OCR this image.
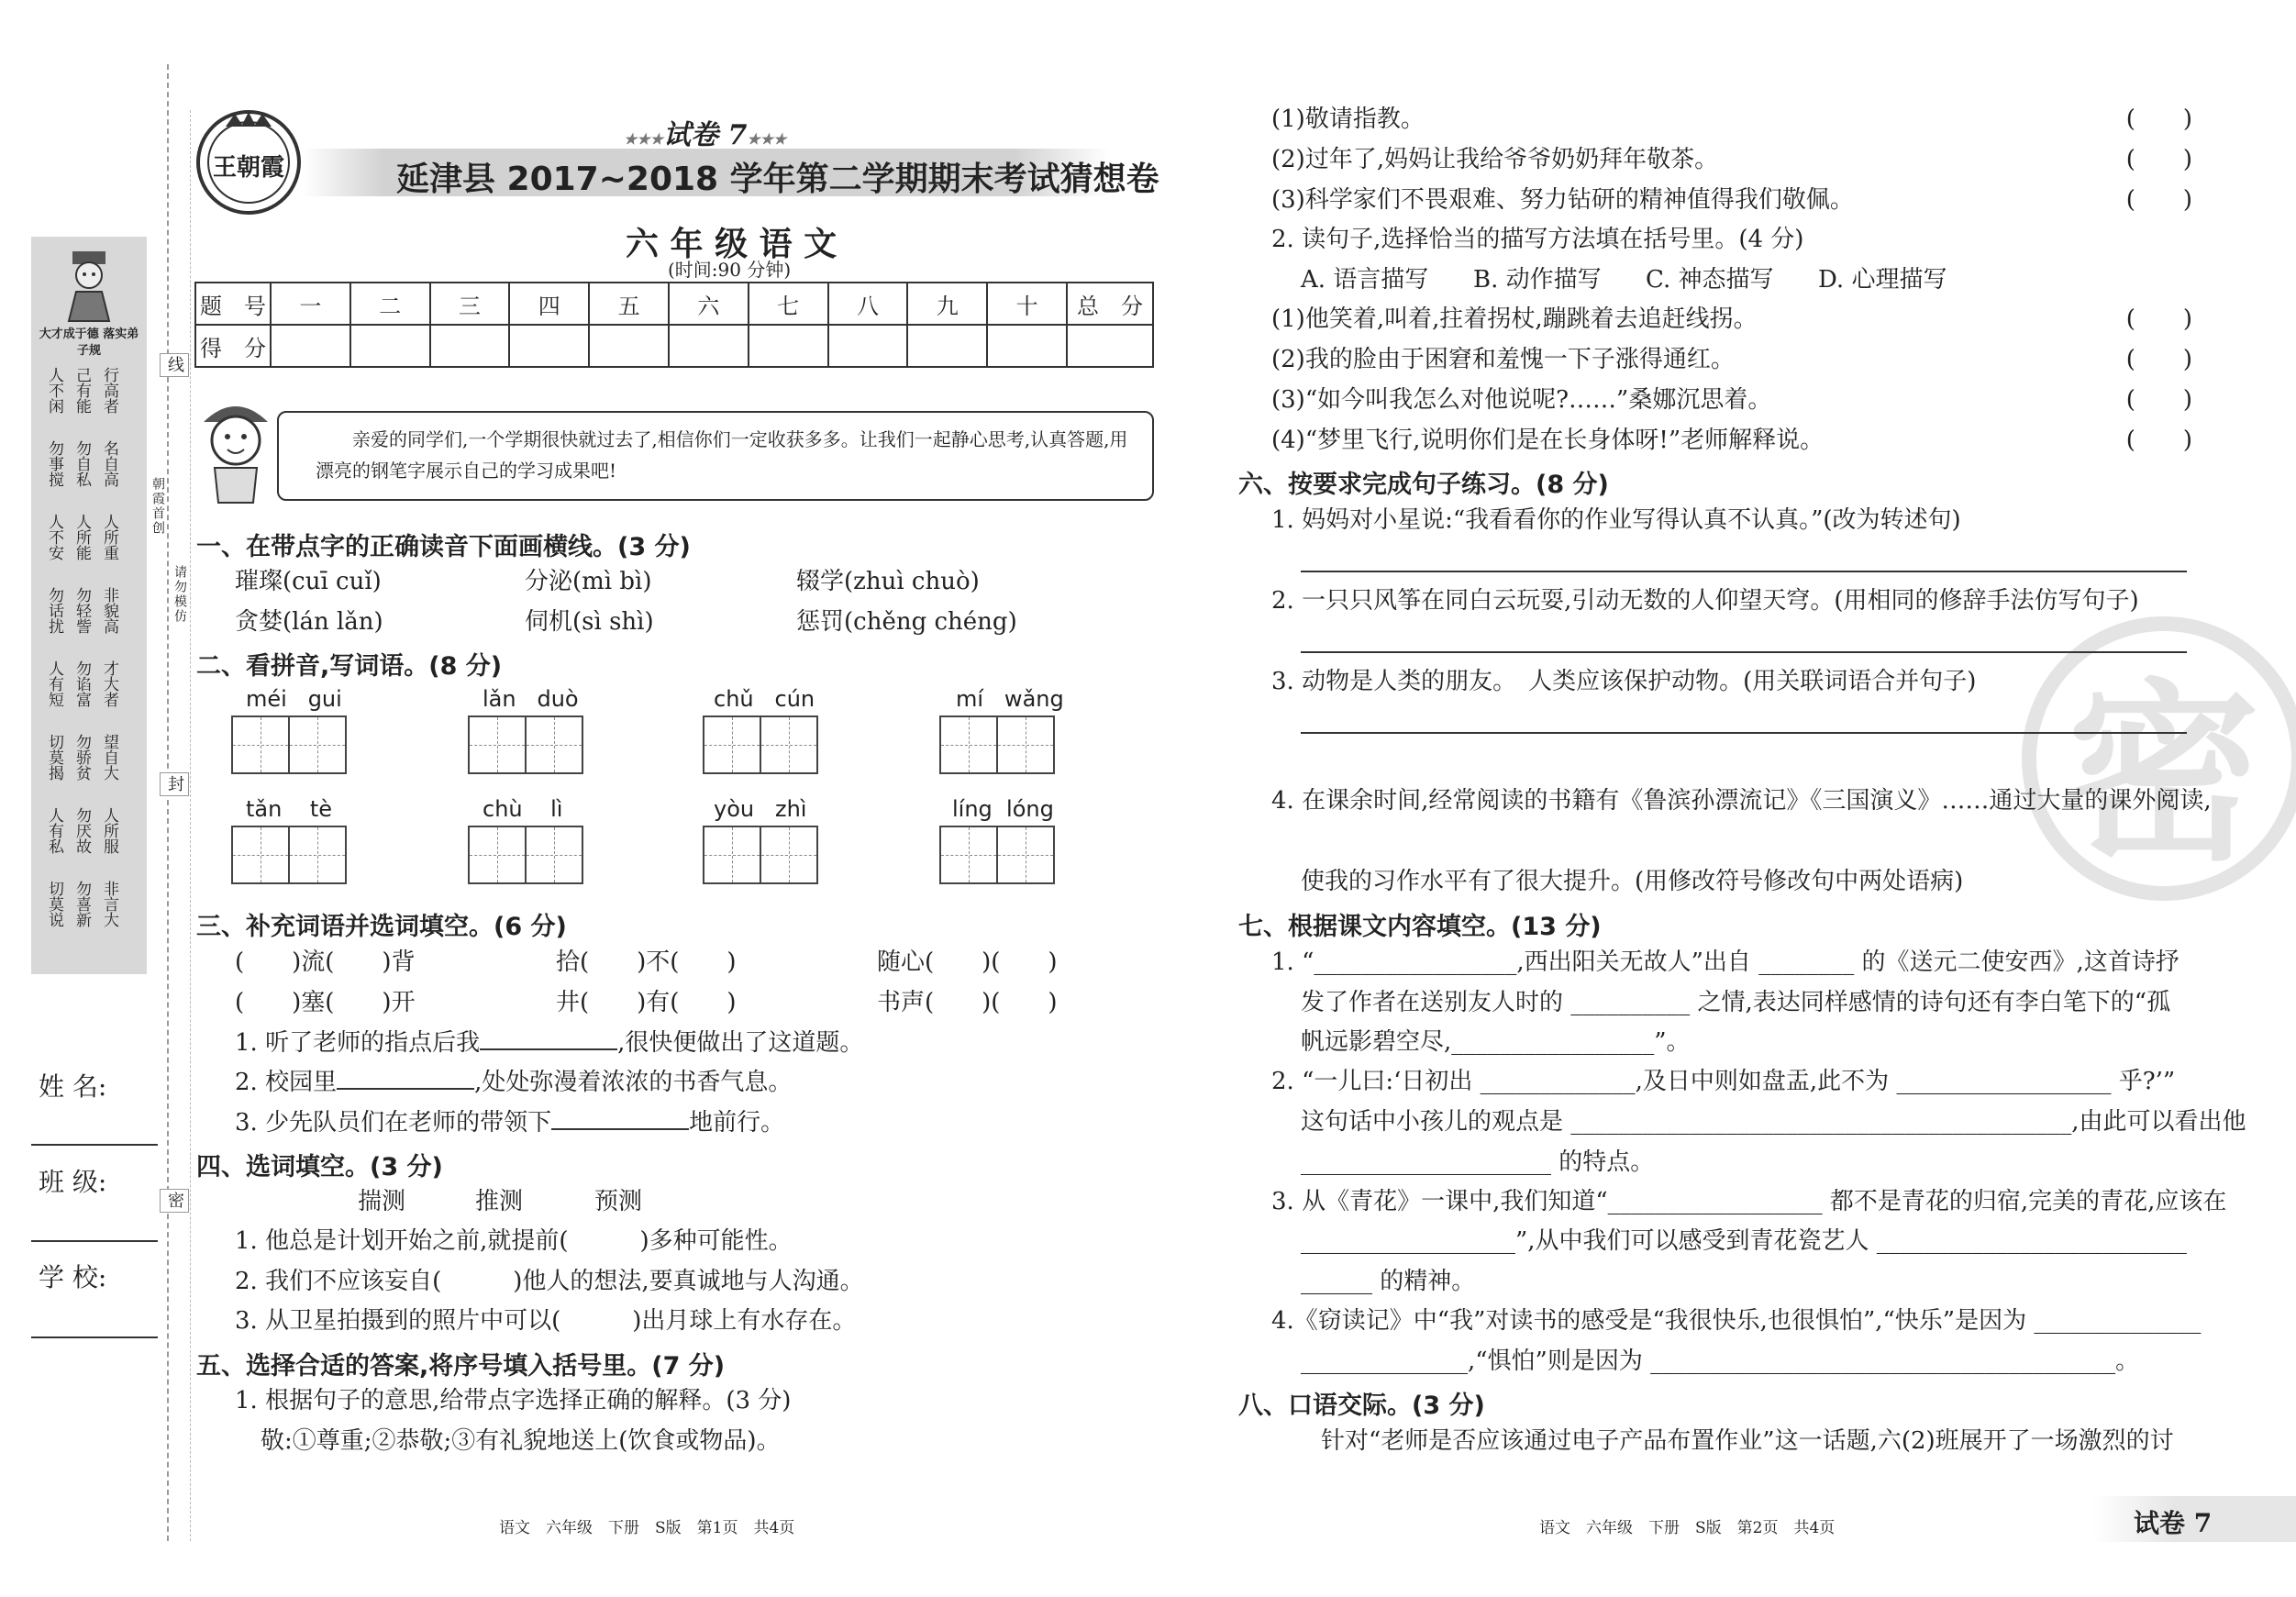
大才成于德 落实弟子规
人不闲 己有能 行高者
勿事搅 勿自私 名自高
人不安 人所能 人所重
勿话扰 勿轻訾 非貌高
人有短 勿谄富 才大者
切莫揭 勿骄贫 望自大
人有私 勿厌故 人所服
切莫说 勿喜新 非言大
线
封
密
朝霞首创
请勿模仿
姓 名:
班 级:
学 校:
王朝霞
★★★试卷 7★★★
延津县 2017~2018 学年第二学期期末考试猜想卷
六 年 级 语 文
(时间:90 分钟)
题　号	一	二	三	四	五	六	七	八	九	十	总　分
得　分											
亲爱的同学们,一个学期很快就过去了,相信你们一定收获多多。让我们一起静心思考,认真答题,用漂亮的钢笔字展示自己的学习成果吧!
一、在带点字的正确读音下面画横线。(3 分)
璀璨(cuī cuǐ)	分泌(mì bì)	辍学(zhuì chuò)
贪婪(lán lǎn)	伺机(sì shì)	惩罚(chěng chéng)
二、看拼音,写词语。(8 分)
méi   gui	lǎn   duò	chǔ   cún	mí   wǎng
tǎn    tè	chù    lì	yòu   zhì	líng  lóng
三、补充词语并选词填空。(6 分)
(　　)流(　　)背	拾(　　)不(　　)	随心(　　)(　　)
(　　)塞(　　)开	井(　　)有(　　)	书声(　　)(　　)
1. 听了老师的指点后我	,很快便做出了这道题。
2. 校园里	,处处弥漫着浓浓的书香气息。
3. 少先队员们在老师的带领下	地前行。
四、选词填空。(3 分)
揣测	推测	预测
1. 他总是计划开始之前,就提前(　　　)多种可能性。
2. 我们不应该妄自(　　　)他人的想法,要真诚地与人沟通。
3. 从卫星拍摄到的照片中可以(　　　)出月球上有水存在。
五、选择合适的答案,将序号填入括号里。(7 分)
1. 根据句子的意思,给带点字选择正确的解释。(3 分)
敬:①尊重;②恭敬;③有礼貌地送上(饮食或物品)。
语文　六年级　下册　S版　第1页　共4页
密
(1)敬请指教。	(　　)
(2)过年了,妈妈让我给爷爷奶奶拜年敬茶。	(　　)
(3)科学家们不畏艰难、努力钻研的精神值得我们敬佩。	(　　)
2. 读句子,选择恰当的描写方法填在括号里。(4 分)
A. 语言描写 B. 动作描写 C. 神态描写 D. 心理描写
(1)他笑着,叫着,拄着拐杖,蹦跳着去追赶线拐。	(　　)
(2)我的脸由于困窘和羞愧一下子涨得通红。	(　　)
(3)“如今叫我怎么对他说呢?……”桑娜沉思着。	(　　)
(4)“梦里飞行,说明你们是在长身体呀!”老师解释说。	(　　)
六、按要求完成句子练习。(8 分)
1. 妈妈对小星说:“我看看你的作业写得认真不认真。”(改为转述句)
2. 一只只风筝在同白云玩耍,引动无数的人仰望天穹。(用相同的修辞手法仿写句子)
3. 动物是人类的朋友。　人类应该保护动物。(用关联词语合并句子)
4. 在课余时间,经常阅读的书籍有《鲁滨孙漂流记》《三国演义》……通过大量的课外阅读,
使我的习作水平有了很大提升。(用修改符号修改句中两处语病)
七、根据课文内容填空。(13 分)
1. “_________________,西出阳关无故人”出自 ________ 的《送元二使安西》,这首诗抒
发了作者在送别友人时的 __________ 之情,表达同样感情的诗句还有李白笔下的“孤
帆远影碧空尽,_________________”。
2. “一儿曰:‘日初出 _____________,及日中则如盘盂,此不为 __________________ 乎?’”
这句话中小孩儿的观点是 __________________________________________,由此可以看出他
_____________________ 的特点。
3. 从《青花》一课中,我们知道“__________________ 都不是青花的归宿,完美的青花,应该在
__________________”,从中我们可以感受到青花瓷艺人 __________________________
______ 的精神。
4.《窃读记》中“我”对读书的感受是“我很快乐,也很惧怕”,“快乐”是因为 ______________
______________,“惧怕”则是因为 _______________________________________。
八、口语交际。(3 分)
针对“老师是否应该通过电子产品布置作业”这一话题,六(2)班展开了一场激烈的讨
语文　六年级　下册　S版　第2页　共4页	试卷 7
